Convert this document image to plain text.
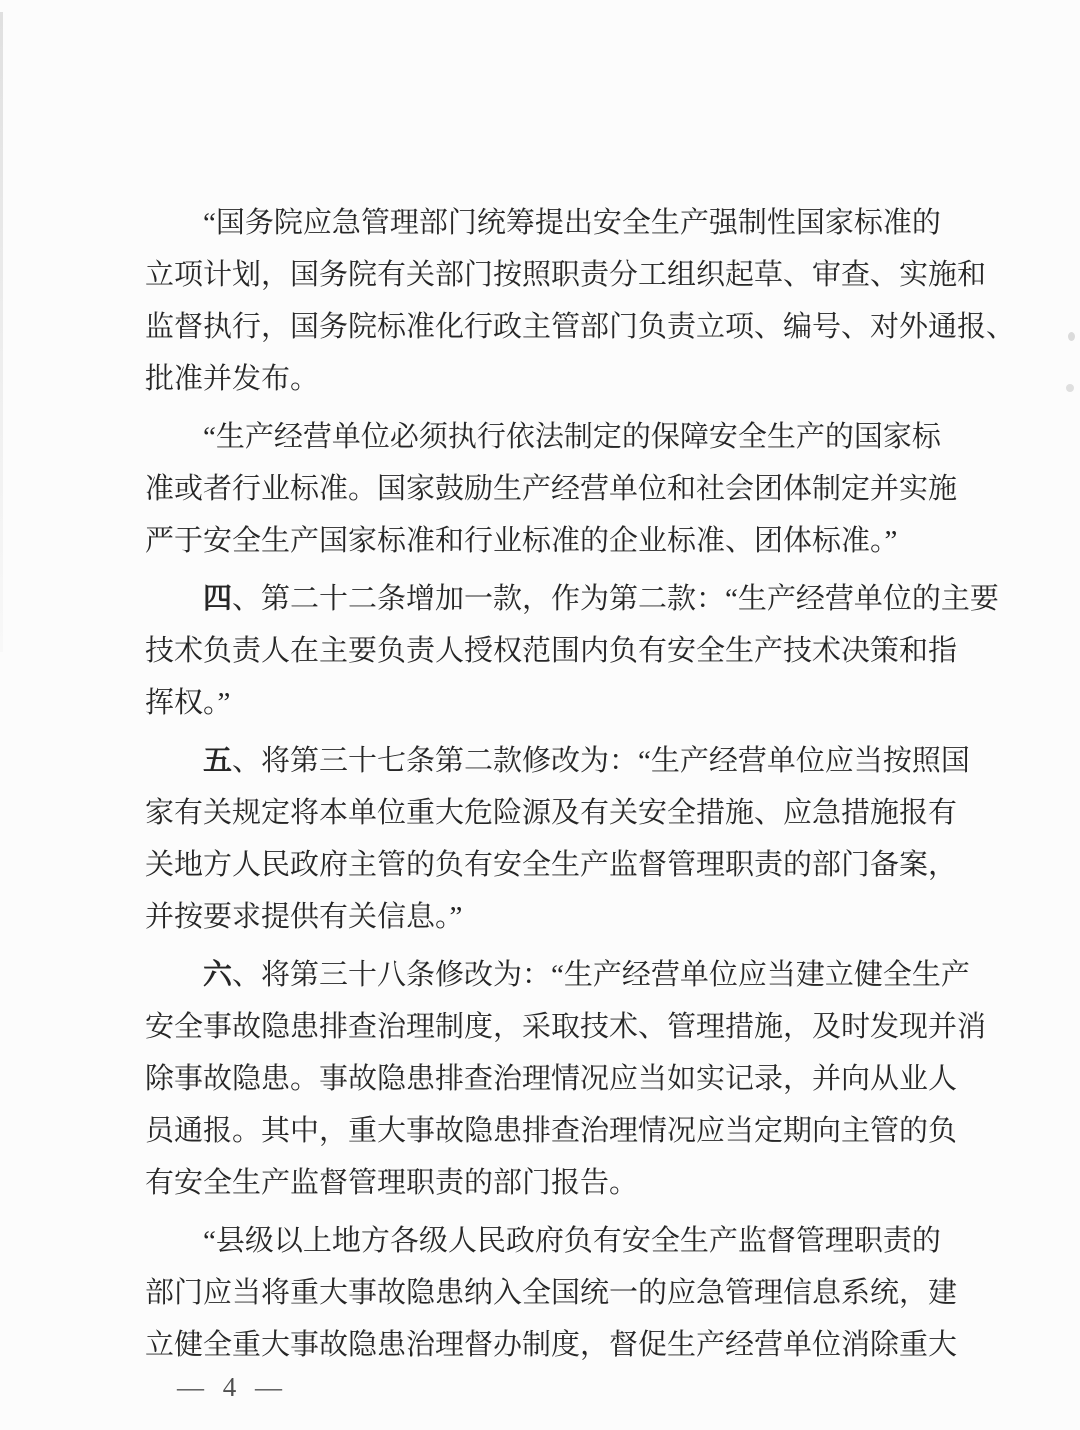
“国务院应急管理部门统筹提出安全生产强制性国家标准的
立项计划，国务院有关部门按照职责分工组织起草、审查、实施和
监督执行，国务院标准化行政主管部门负责立项、编号、对外通报、
批准并发布。
“生产经营单位必须执行依法制定的保障安全生产的国家标
准或者行业标准。国家鼓励生产经营单位和社会团体制定并实施
严于安全生产国家标准和行业标准的企业标准、团体标准。”
四、第二十二条增加一款，作为第二款：“生产经营单位的主要
技术负责人在主要负责人授权范围内负有安全生产技术决策和指
挥权。”
五、将第三十七条第二款修改为：“生产经营单位应当按照国
家有关规定将本单位重大危险源及有关安全措施、应急措施报有
关地方人民政府主管的负有安全生产监督管理职责的部门备案，
并按要求提供有关信息。”
六、将第三十八条修改为：“生产经营单位应当建立健全生产
安全事故隐患排查治理制度，采取技术、管理措施，及时发现并消
除事故隐患。事故隐患排查治理情况应当如实记录，并向从业人
员通报。其中，重大事故隐患排查治理情况应当定期向主管的负
有安全生产监督管理职责的部门报告。
“县级以上地方各级人民政府负有安全生产监督管理职责的
部门应当将重大事故隐患纳入全国统一的应急管理信息系统，建
立健全重大事故隐患治理督办制度，督促生产经营单位消除重大
— 4 —
